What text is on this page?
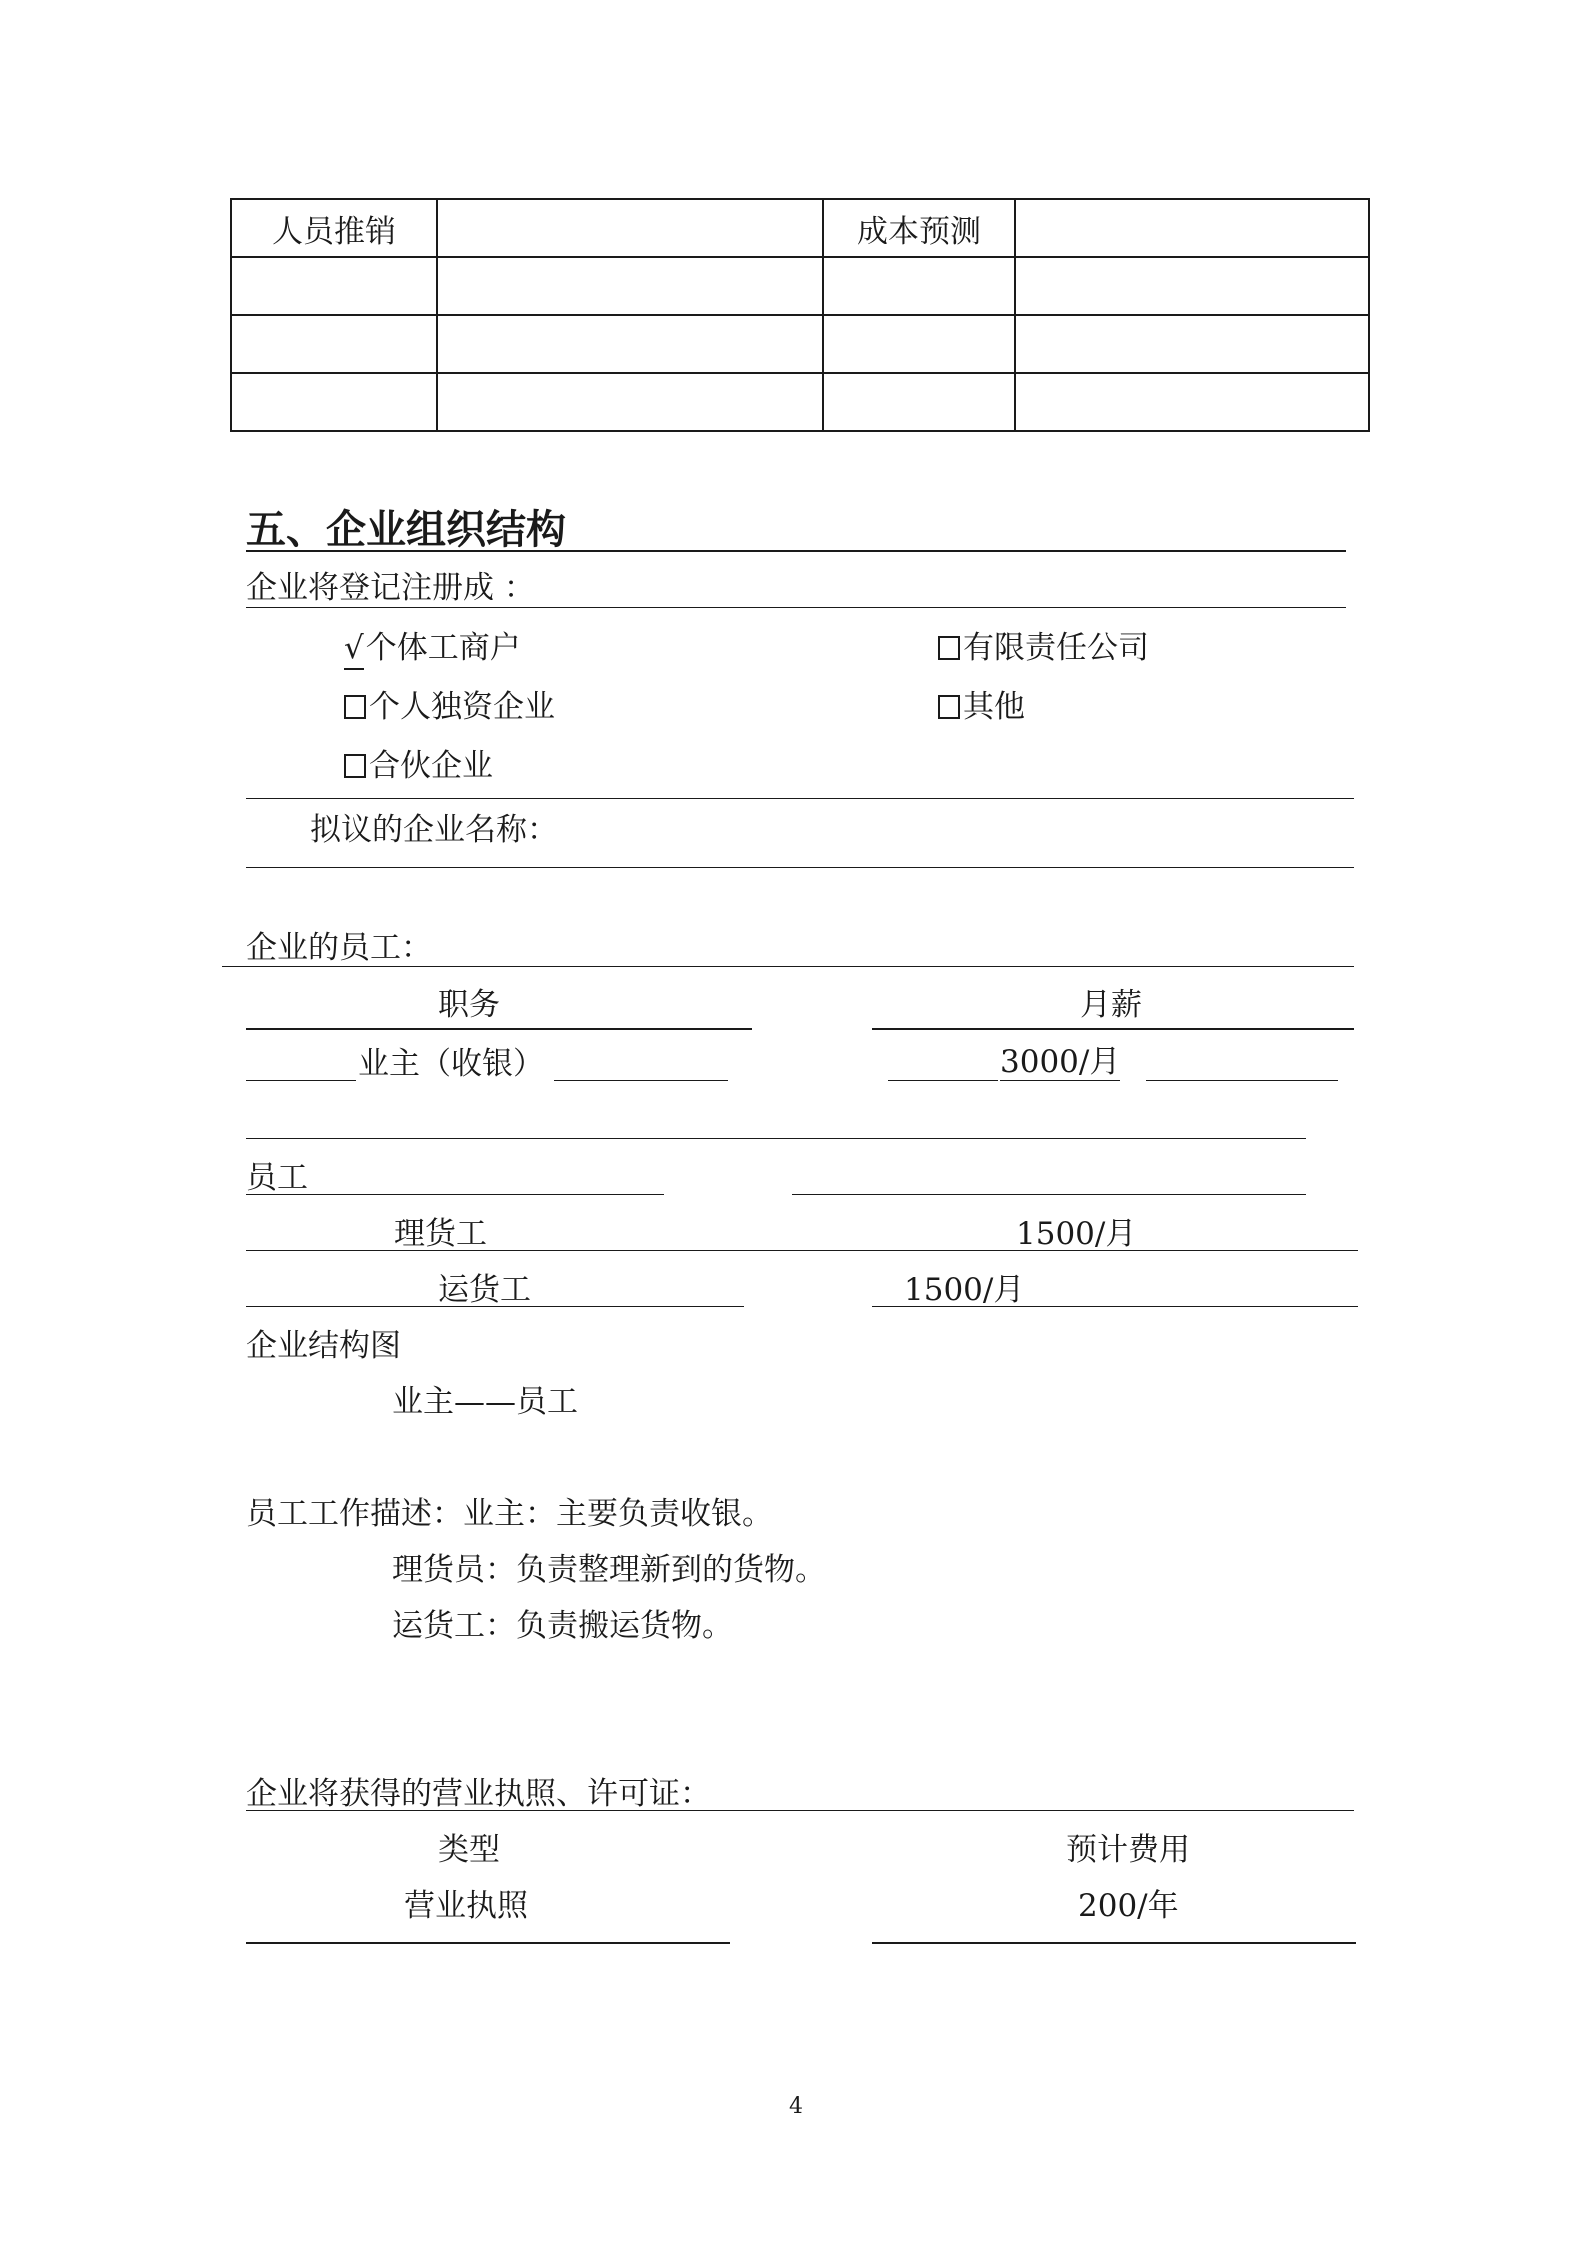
人员推销		成本预测	

五、企业组织结构
企业将登记注册成 ：
√个体工商户	有限责任公司
个人独资企业	其他
合伙企业
拟议的企业名称：
企业的员工：
职务	月薪
业主（收银）	3000/月
员工
理货工	1500/月
运货工	1500/月
企业结构图
业主——员工
员工工作描述：业主：主要负责收银。
理货员：负责整理新到的货物。
运货工：负责搬运货物。
企业将获得的营业执照、许可证：
类型	预计费用
营业执照	200/年
4
